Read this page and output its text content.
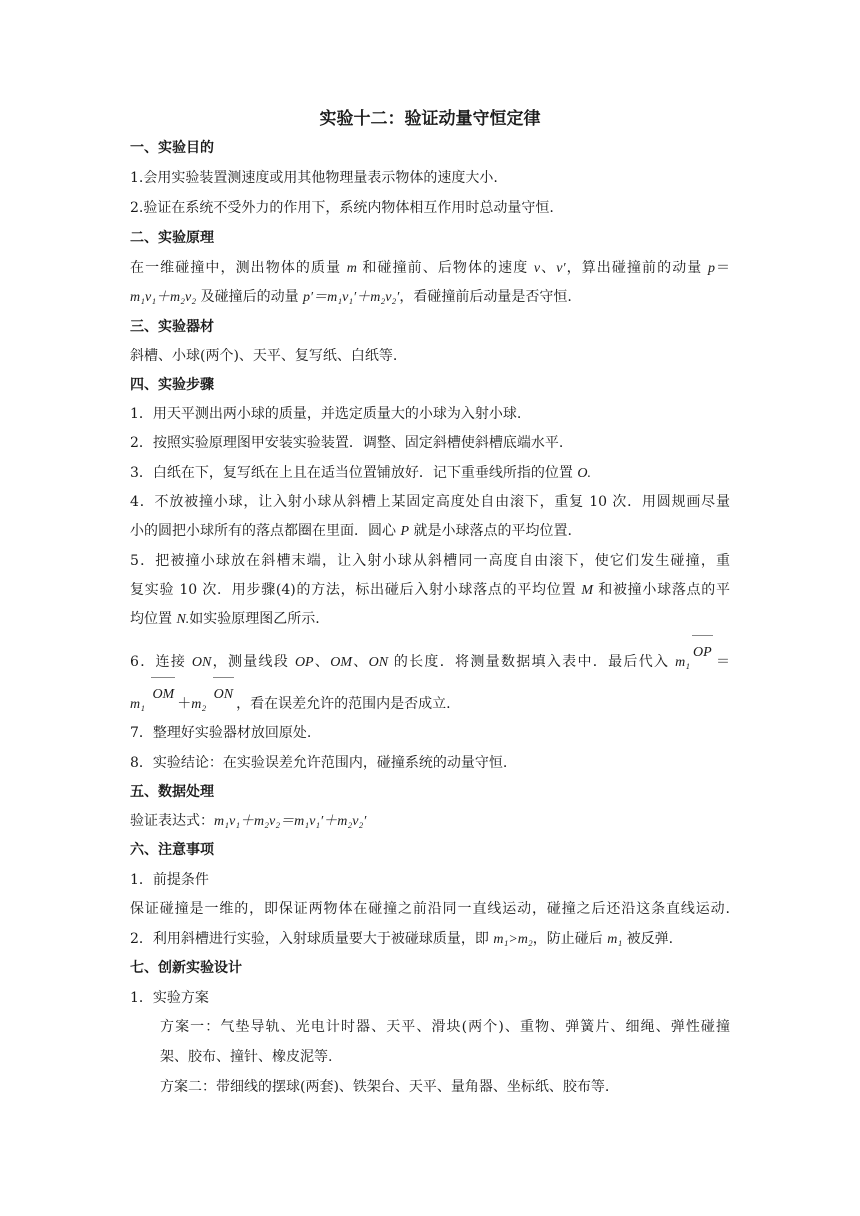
实验十二：验证动量守恒定律
一、实验目的
1.会用实验装置测速度或用其他物理量表示物体的速度大小.
2.验证在系统不受外力的作用下，系统内物体相互作用时总动量守恒.
二、实验原理
在一维碰撞中，测出物体的质量 m 和碰撞前、后物体的速度 v、v′，算出碰撞前的动量 p＝
m₁v₁＋m₂v₂ 及碰撞后的动量 p′＝m₁v₁′＋m₂v₂′，看碰撞前后动量是否守恒.
三、实验器材
斜槽、小球(两个)、天平、复写纸、白纸等.
四、实验步骤
1．用天平测出两小球的质量，并选定质量大的小球为入射小球.
2．按照实验原理图甲安装实验装置．调整、固定斜槽使斜槽底端水平.
3．白纸在下，复写纸在上且在适当位置铺放好．记下重垂线所指的位置 O.
4．不放被撞小球，让入射小球从斜槽上某固定高度处自由滚下，重复 10 次．用圆规画尽量
小的圆把小球所有的落点都圈在里面．圆心 P 就是小球落点的平均位置.
5．把被撞小球放在斜槽末端，让入射小球从斜槽同一高度自由滚下，使它们发生碰撞，重
复实验 10 次．用步骤(4)的方法，标出碰后入射小球落点的平均位置 M 和被撞小球落点的平
均位置 N.如实验原理图乙所示.
6．连接 ON，测量线段 OP、OM、ON 的长度．将测量数据填入表中．最后代入 m₁OP＝
m₁ OM＋m₂ ON，看在误差允许的范围内是否成立.
7．整理好实验器材放回原处.
8．实验结论：在实验误差允许范围内，碰撞系统的动量守恒.
五、数据处理
验证表达式：m₁v₁＋m₂v₂＝m₁v₁′＋m₂v₂′
六、注意事项
1．前提条件
保证碰撞是一维的，即保证两物体在碰撞之前沿同一直线运动，碰撞之后还沿这条直线运动.
2．利用斜槽进行实验，入射球质量要大于被碰球质量，即 m₁>m₂，防止碰后 m₁ 被反弹.
七、创新实验设计
1．实验方案
方案一：气垫导轨、光电计时器、天平、滑块(两个)、重物、弹簧片、细绳、弹性碰撞
架、胶布、撞针、橡皮泥等.
方案二：带细线的摆球(两套)、铁架台、天平、量角器、坐标纸、胶布等.
